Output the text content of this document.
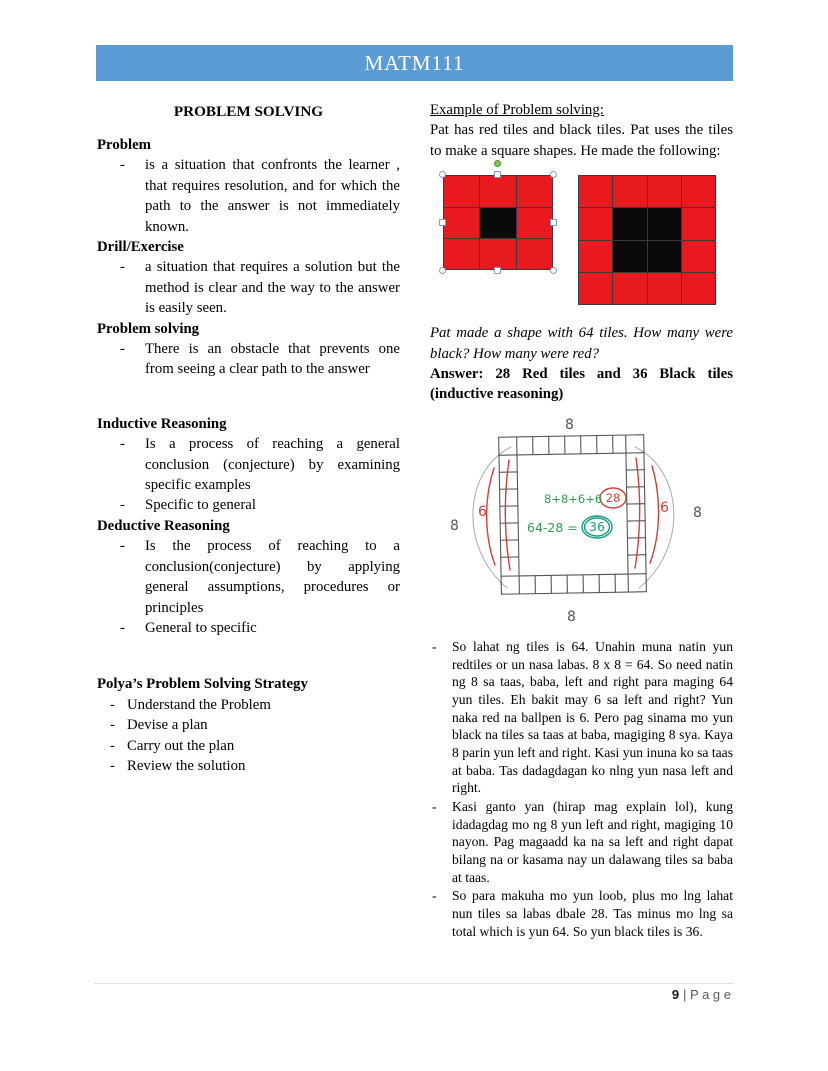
MATM111
PROBLEM SOLVING
Problem
- is a situation that confronts the learner , that requires resolution, and for which the path to the answer is not immediately known.
Drill/Exercise
- a situation that requires a solution but the method is clear and the way to the answer is easily seen.
Problem solving
- There is an obstacle that prevents one from seeing a clear path to the answer
Inductive Reasoning
- Is a process of reaching a general conclusion (conjecture) by examining specific examples
- Specific to general
Deductive Reasoning
- Is the process of reaching to a conclusion(conjecture) by applying general assumptions, procedures or principles
- General to specific
Polya’s Problem Solving Strategy
- Understand the Problem
- Devise a plan
- Carry out the plan
- Review the solution
Example of Problem solving:

Pat has red tiles and black tiles. Pat uses the tiles to make a square shapes. He made the following:

Pat made a shape with 64 tiles. How many were black? How many were red?

Answer: 28 Red tiles and 36 Black tiles (inductive reasoning)

8
8
6	6
8
8
8+8+6+6 28
64-28 = 36
- So lahat ng tiles is 64. Unahin muna natin yun redtiles or un nasa labas. 8 x 8 = 64. So need natin ng 8 sa taas, baba, left and right para maging 64 yun tiles. Eh bakit may 6 sa left and right? Yun naka red na ballpen is 6. Pero pag sinama mo yun black na tiles sa taas at baba, magiging 8 sya. Kaya 8 parin yun left and right. Kasi yun inuna ko sa taas at baba. Tas dadagdagan ko nlng yun nasa left and right.
- Kasi ganto yan (hirap mag explain lol), kung idadagdag mo ng 8 yun left and right, magiging 10 nayon. Pag magaadd ka na sa left and right dapat bilang na or kasama nay un dalawang tiles sa baba at taas.
- So para makuha mo yun loob, plus mo lng lahat nun tiles sa labas dbale 28. Tas minus mo lng sa total which is yun 64. So yun black tiles is 36.
9 | P a g e
